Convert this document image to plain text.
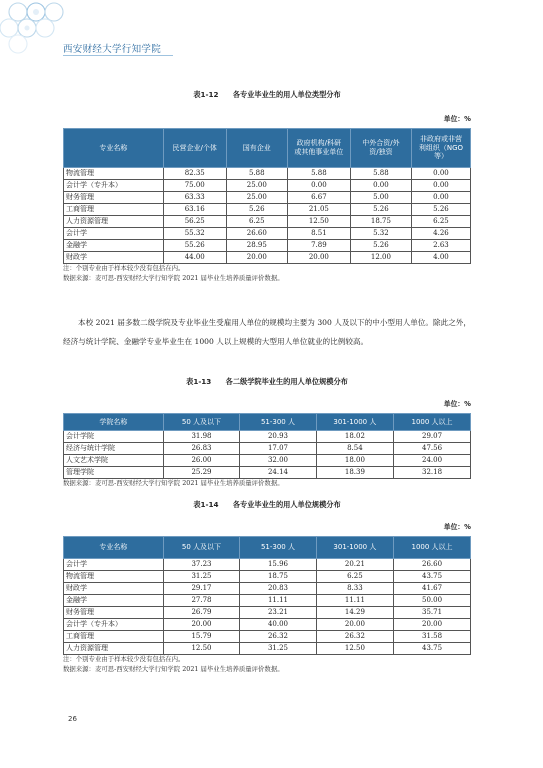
西安财经大学行知学院
表1-12　　各专业毕业生的用人单位类型分布
单位：%
专业名称	民营企业/个体	国有企业	政府机构/科研或其他事业单位	中外合资/外资/独资	非政府或非营利组织（NGO 等）

物流管理	82.35	5.88	5.88	5.88	0.00
会计学（专升本）	75.00	25.00	0.00	0.00	0.00
财务管理	63.33	25.00	6.67	5.00	0.00
工商管理	63.16	5.26	21.05	5.26	5.26
人力资源管理	56.25	6.25	12.50	18.75	6.25
会计学	55.32	26.60	8.51	5.32	4.26
金融学	55.26	28.95	7.89	5.26	2.63
财政学	44.00	20.00	20.00	12.00	4.00
注：个别专业由于样本较少没有包括在内。
数据来源：麦可思-西安财经大学行知学院 2021 届毕业生培养质量评价数据。
本校 2021 届多数二级学院及专业毕业生受雇用人单位的规模均主要为 300 人及以下的中小型用人单位。除此之外，经济与统计学院、金融学专业毕业生在 1000 人以上规模的大型用人单位就业的比例较高。
表1-13　　各二级学院毕业生的用人单位规模分布
单位：%
学院名称	50 人及以下	51-300 人	301-1000 人	1000 人以上
会计学院	31.98	20.93	18.02	29.07
经济与统计学院	26.83	17.07	8.54	47.56
人文艺术学院	26.00	32.00	18.00	24.00
管理学院	25.29	24.14	18.39	32.18
数据来源：麦可思-西安财经大学行知学院 2021 届毕业生培养质量评价数据。
表1-14　　各专业毕业生的用人单位规模分布
单位：%
专业名称	50 人及以下	51-300 人	301-1000 人	1000 人以上
会计学	37.23	15.96	20.21	26.60
物流管理	31.25	18.75	6.25	43.75
财政学	29.17	20.83	8.33	41.67
金融学	27.78	11.11	11.11	50.00
财务管理	26.79	23.21	14.29	35.71
会计学（专升本）	20.00	40.00	20.00	20.00
工商管理	15.79	26.32	26.32	31.58
人力资源管理	12.50	31.25	12.50	43.75
注：个别专业由于样本较少没有包括在内。
数据来源：麦可思-西安财经大学行知学院 2021 届毕业生培养质量评价数据。
26
